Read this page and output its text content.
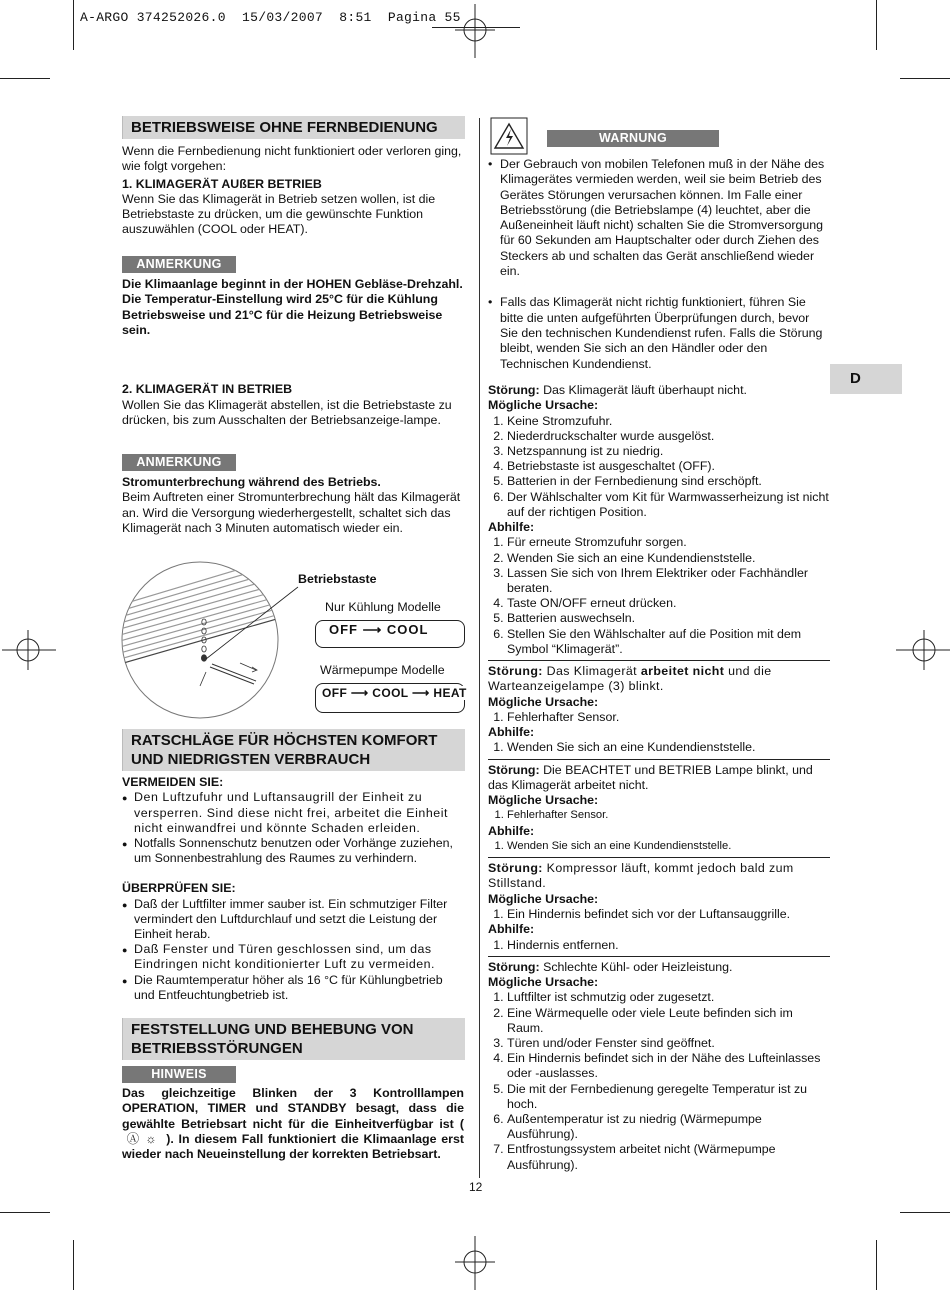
A-ARGO 374252026.0  15/03/2007  8:51  Pagina 55
BETRIEBSWEISE OHNE FERNBEDIENUNG

Wenn die Fernbedienung nicht funktioniert oder verloren ging, wie folgt vorgehen:

1. KLIMAGERÄT AUßER BETRIEB

Wenn Sie das Klimagerät in Betrieb setzen wollen, ist die Betriebstaste zu drücken, um die gewünschte Funktion auszuwählen (COOL oder HEAT).

ANMERKUNG

Die Klimaanlage beginnt in der HOHEN Gebläse-Drehzahl. Die Temperatur-Einstellung wird 25°C für die Kühlung Betriebsweise und 21°C für die Heizung Betriebsweise sein.

2. KLIMAGERÄT IN BETRIEB

Wollen Sie das Klimagerät abstellen, ist die Betriebstaste zu drücken, bis zum Ausschalten der Betriebsanzeige-lampe.

ANMERKUNG

Stromunterbrechung während des Betriebs.

Beim Auftreten einer Stromunterbrechung hält das Kilmagerät an. Wird die Versorgung wiederhergestellt, schaltet sich das Klimagerät nach 3 Minuten automatisch wieder ein.

Betriebstaste
Nur Kühlung Modelle
OFF ⟶ COOL
Wärmepumpe Modelle
OFF ⟶ COOL ⟶ HEAT
RATSCHLÄGE FÜR HÖCHSTEN KOMFORT UND NIEDRIGSTEN VERBRAUCH

VERMEIDEN SIE:

● Den Luftzufuhr und Luftansaugrill der Einheit zu versperren. Sind diese nicht frei, arbeitet die Einheit nicht einwandfrei und könnte Schaden erleiden.
● Notfalls Sonnenschutz benutzen oder Vorhänge zuziehen, um Sonnenbestrahlung des Raumes zu verhindern.

ÜBERPRÜFEN SIE:

● Daß der Luftfilter immer sauber ist. Ein schmutziger Filter vermindert den Luftdurchlauf und setzt die Leistung der Einheit herab.
● Daß Fenster und Türen geschlossen sind, um das Eindringen nicht konditionierter Luft zu vermeiden.
● Die Raumtemperatur höher als 16 °C für Kühlungbetrieb und Entfeuchtungbetrieb ist.
FESTSTELLUNG UND BEHEBUNG VON BETRIEBSSTÖRUNGEN
HINWEIS

Das gleichzeitige Blinken der 3 Kontrolllampen OPERATION, TIMER und STANDBY besagt, dass die gewählte Betriebsart nicht für die Einheitverfügbar ist (  Ⓐ ☼  ). In diesem Fall funktioniert die Klimaanlage erst wieder nach Neueinstellung der korrekten Betriebsart.

WARNUNG
• Der Gebrauch von mobilen Telefonen muß in der Nähe des Klimagerätes vermieden werden, weil sie beim Betrieb des Gerätes Störungen verursachen können. Im Falle einer Betriebsstörung (die Betriebslampe (4) leuchtet, aber die Außeneinheit läuft nicht) schalten Sie die Stromversorgung für 60 Sekunden am Hauptschalter oder durch Ziehen des Steckers ab und schalten das Gerät anschließend wieder ein.

• Falls das Klimagerät nicht richtig funktioniert, führen Sie bitte die unten aufgeführten Überprüfungen durch, bevor Sie den technischen Kundendienst rufen. Falls die Störung bleibt, wenden Sie sich an den Händler oder den Technischen Kundendienst.

Störung: Das Klimagerät läuft überhaupt nicht.

Mögliche Ursache:

1. Keine Stromzufuhr.
2. Niederdruckschalter wurde ausgelöst.
3. Netzspannung ist zu niedrig.
4. Betriebstaste ist ausgeschaltet (OFF).
5. Batterien in der Fernbedienung sind erschöpft.
6. Der Wählschalter vom Kit für Warmwasserheizung ist nicht auf der richtigen Position.

Abhilfe:

1. Für erneute Stromzufuhr sorgen.
2. Wenden Sie sich an eine Kundendienststelle.
3. Lassen Sie sich von Ihrem Elektriker oder Fachhändler beraten.
4. Taste ON/OFF erneut drücken.
5. Batterien auswechseln.
6. Stellen Sie den Wählschalter auf die Position mit dem Symbol “Klimagerät”.

Störung: Das Klimagerät arbeitet nicht und die Warteanzeigelampe (3) blinkt.

Mögliche Ursache:

1. Fehlerhafter Sensor.

Abhilfe:

1. Wenden Sie sich an eine Kundendienststelle.

Störung: Die BEACHTET und BETRIEB Lampe blinkt, und das Klimagerät arbeitet nicht.

Mögliche Ursache:

1. Fehlerhafter Sensor.

Abhilfe:

1. Wenden Sie sich an eine Kundendienststelle.

Störung: Kompressor läuft, kommt jedoch bald zum Stillstand.

Mögliche Ursache:

1. Ein Hindernis befindet sich vor der Luftansauggrille.

Abhilfe:

1. Hindernis entfernen.

Störung: Schlechte Kühl- oder Heizleistung.

Mögliche Ursache:

1. Luftfilter ist schmutzig oder zugesetzt.
2. Eine Wärmequelle oder viele Leute befinden sich im Raum.
3. Türen und/oder Fenster sind geöffnet.
4. Ein Hindernis befindet sich in der Nähe des Lufteinlasses oder -auslasses.
5. Die mit der Fernbedienung geregelte Temperatur ist zu hoch.
6. Außentemperatur ist zu niedrig (Wärmepumpe Ausführung).
7. Entfrostungssystem arbeitet nicht (Wärmepumpe Ausführung).
D
12
